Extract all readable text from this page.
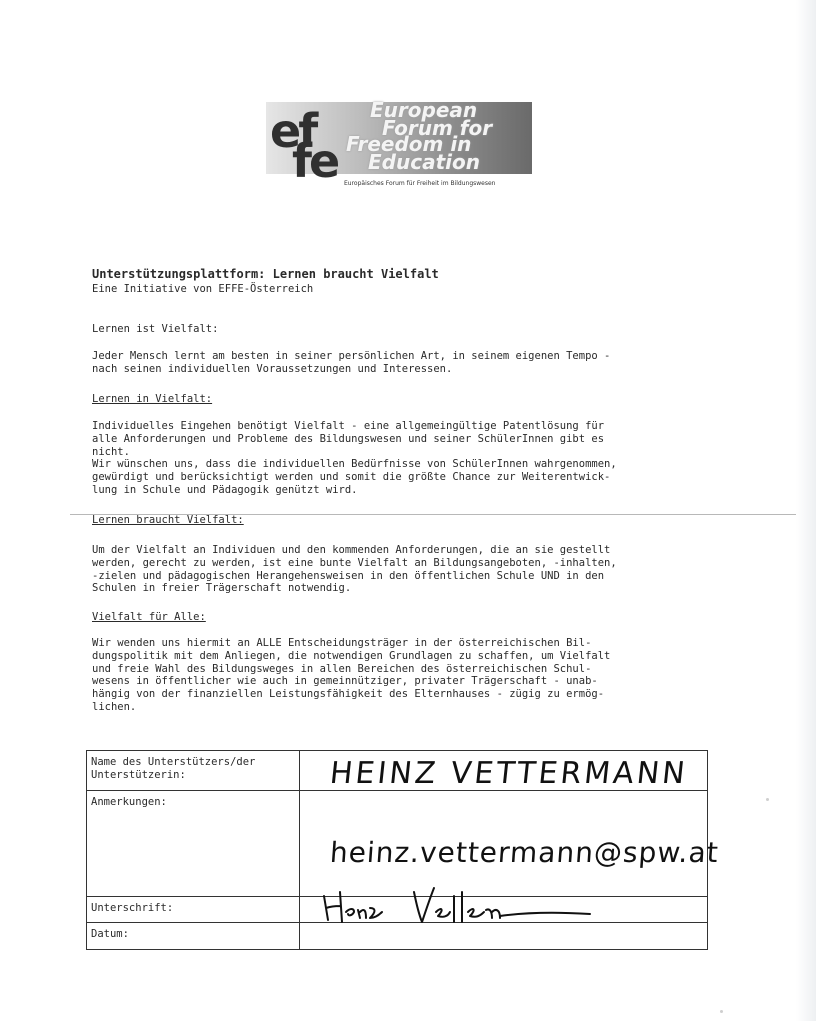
ef
fe
European
Forum for
Freedom in
Education
Europäisches Forum für Freiheit im Bildungswesen
Unterstützungsplattform: Lernen braucht Vielfalt
Eine Initiative von EFFE-Österreich
Lernen ist Vielfalt:
Jeder Mensch lernt am besten in seiner persönlichen Art, in seinem eigenen Tempo -
nach seinen individuellen Voraussetzungen und Interessen.
Lernen in Vielfalt:
Individuelles Eingehen benötigt Vielfalt - eine allgemeingültige Patentlösung für
alle Anforderungen und Probleme des Bildungswesen und seiner SchülerInnen gibt es
nicht.
Wir wünschen uns, dass die individuellen Bedürfnisse von SchülerInnen wahrgenommen,
gewürdigt und berücksichtigt werden und somit die größte Chance zur Weiterentwick-
lung in Schule und Pädagogik genützt wird.
Lernen braucht Vielfalt:
Um der Vielfalt an Individuen und den kommenden Anforderungen, die an sie gestellt
werden, gerecht zu werden, ist eine bunte Vielfalt an Bildungsangeboten, -inhalten,
-zielen und pädagogischen Herangehensweisen in den öffentlichen Schule UND in den
Schulen in freier Trägerschaft notwendig.
Vielfalt für Alle:
Wir wenden uns hiermit an ALLE Entscheidungsträger in der österreichischen Bil-
dungspolitik mit dem Anliegen, die notwendigen Grundlagen zu schaffen, um Vielfalt
und freie Wahl des Bildungsweges in allen Bereichen des österreichischen Schul-
wesens in öffentlicher wie auch in gemeinnütziger, privater Trägerschaft - unab-
hängig von der finanziellen Leistungsfähigkeit des Elternhauses - zügig zu ermög-
lichen.
Name des Unterstützers/der
Unterstützerin:
Anmerkungen:
Unterschrift:
Datum:
HEINZ VETTERMANN
heinz.vettermann@spw.at
